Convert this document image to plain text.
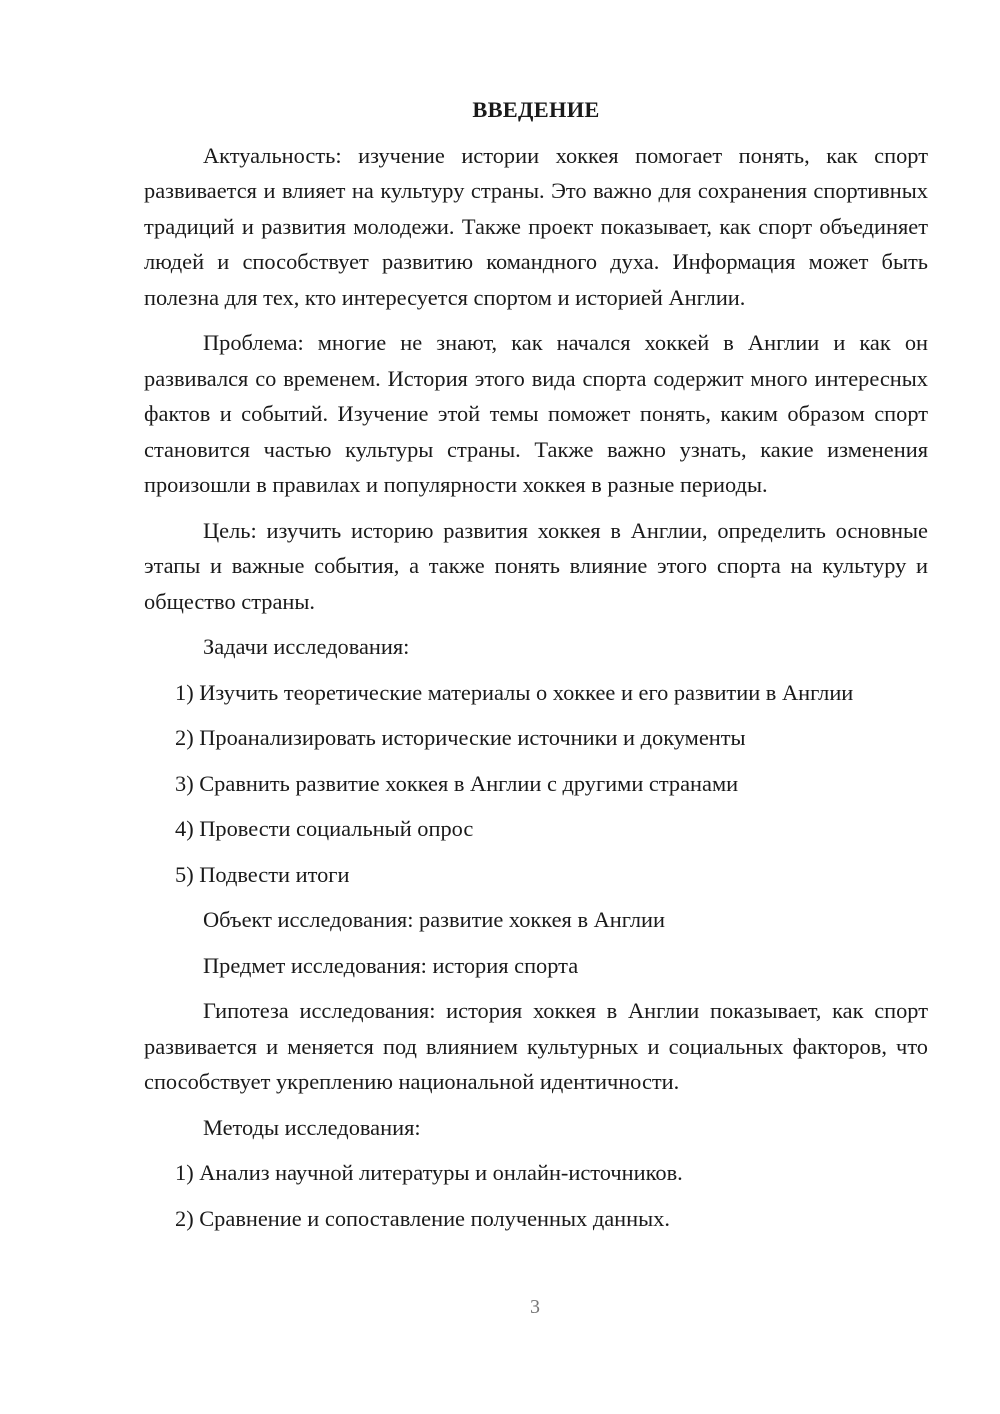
ВВЕДЕНИЕ

Актуальность: изучение истории хоккея помогает понять, как спорт развивается и влияет на культуру страны. Это важно для сохранения спортивных традиций и развития молодежи. Также проект показывает, как спорт объединяет людей и способствует развитию командного духа. Информация может быть полезна для тех, кто интересуется спортом и историей Англии.

Проблема: многие не знают, как начался хоккей в Англии и как он развивался со временем. История этого вида спорта содержит много интересных фактов и событий. Изучение этой темы поможет понять, каким образом спорт становится частью культуры страны. Также важно узнать, какие изменения произошли в правилах и популярности хоккея в разные периоды.

Цель: изучить историю развития хоккея в Англии, определить основные этапы и важные события, а также понять влияние этого спорта на культуру и общество страны.

Задачи исследования:

1) Изучить теоретические материалы о хоккее и его развитии в Англии
2) Проанализировать исторические источники и документы
3) Сравнить развитие хоккея в Англии с другими странами
4) Провести социальный опрос
5) Подвести итоги

Объект исследования: развитие хоккея в Англии

Предмет исследования: история спорта

Гипотеза исследования: история хоккея в Англии показывает, как спорт развивается и меняется под влиянием культурных и социальных факторов, что способствует укреплению национальной идентичности.

Методы исследования:

1) Анализ научной литературы и онлайн-источников.
2) Сравнение и сопоставление полученных данных.
3
